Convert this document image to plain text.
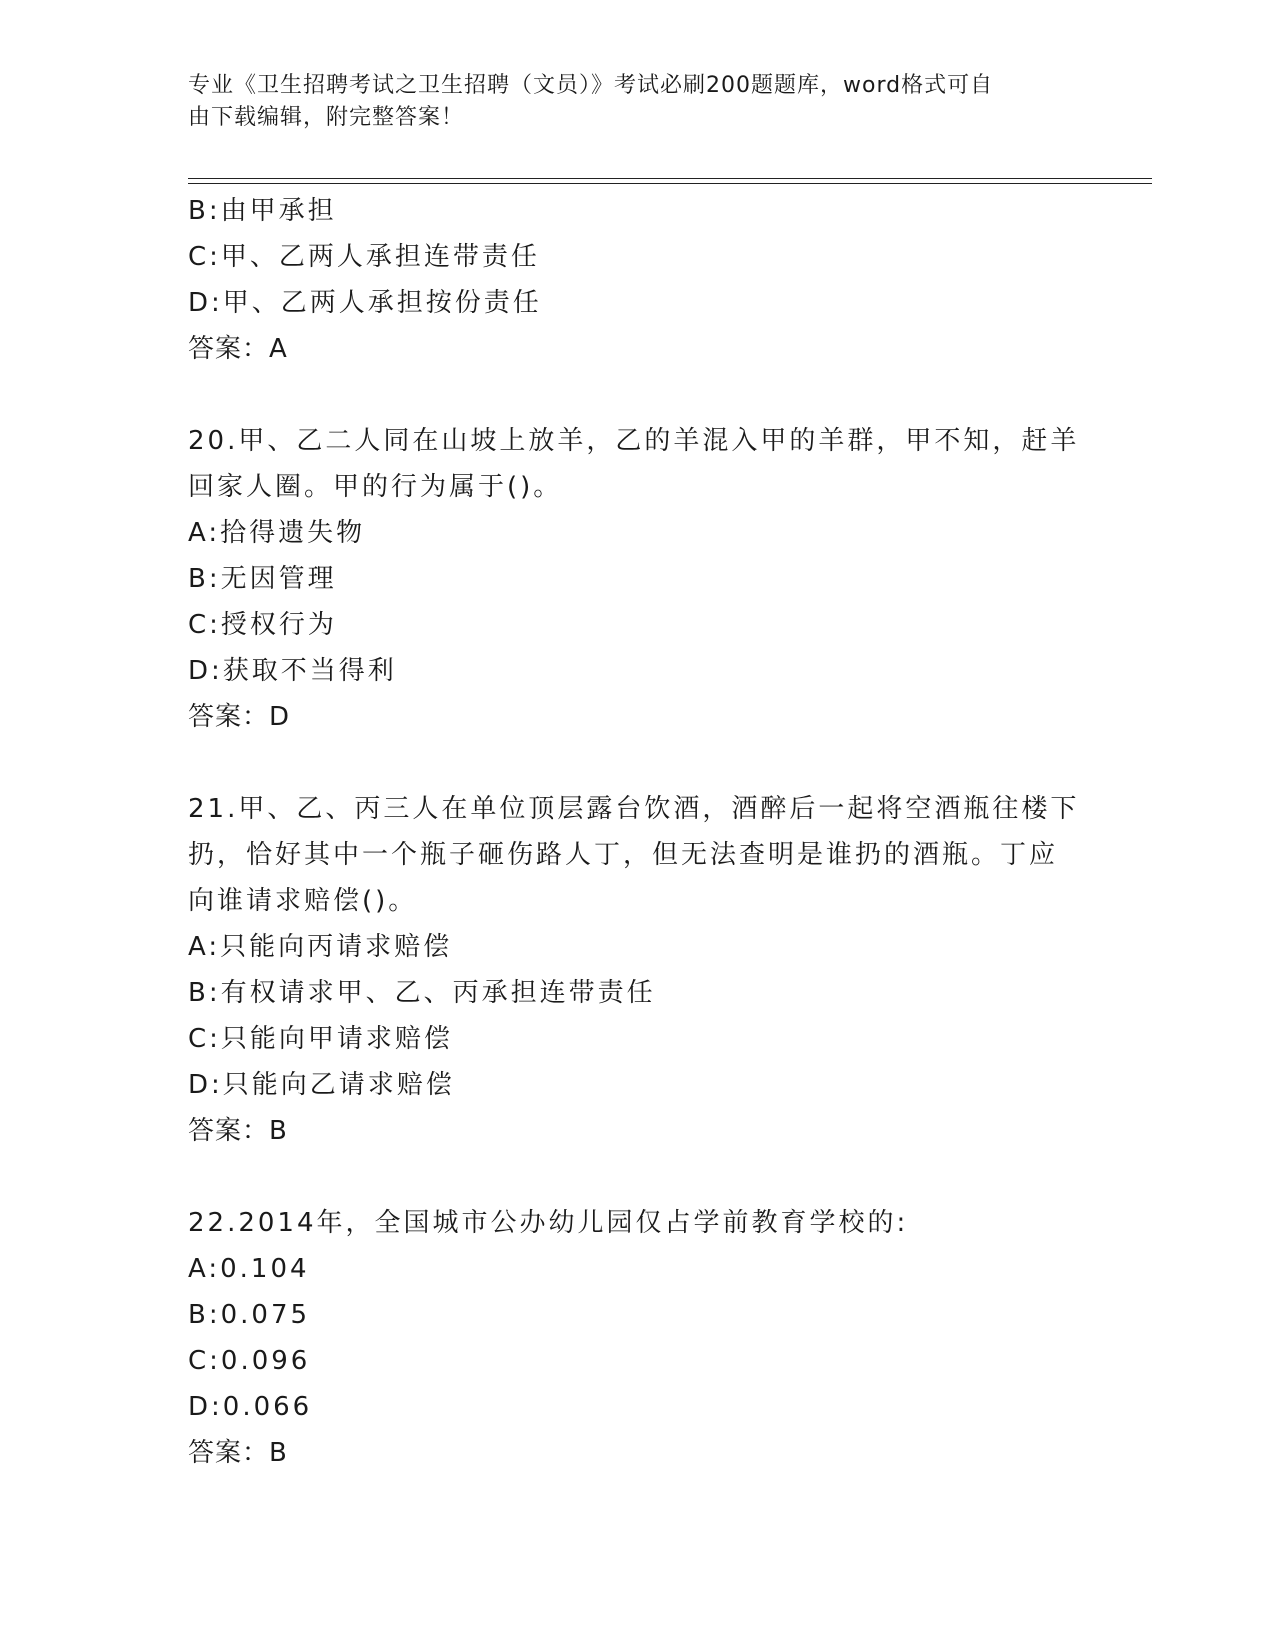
专业《卫生招聘考试之卫生招聘（文员）》考试必刷200题题库，word格式可自
由下载编辑，附完整答案！
B:由甲承担
C:甲、乙两人承担连带责任
D:甲、乙两人承担按份责任
答案：A
20.甲、乙二人同在山坡上放羊，乙的羊混入甲的羊群，甲不知，赶羊
回家人圈。甲的行为属于()。
A:拾得遗失物
B:无因管理
C:授权行为
D:获取不当得利
答案：D
21.甲、乙、丙三人在单位顶层露台饮酒，酒醉后一起将空酒瓶往楼下
扔，恰好其中一个瓶子砸伤路人丁，但无法查明是谁扔的酒瓶。丁应
向谁请求赔偿()。
A:只能向丙请求赔偿
B:有权请求甲、乙、丙承担连带责任
C:只能向甲请求赔偿
D:只能向乙请求赔偿
答案：B
22.2014年，全国城市公办幼儿园仅占学前教育学校的:
A:0.104
B:0.075
C:0.096
D:0.066
答案：B
